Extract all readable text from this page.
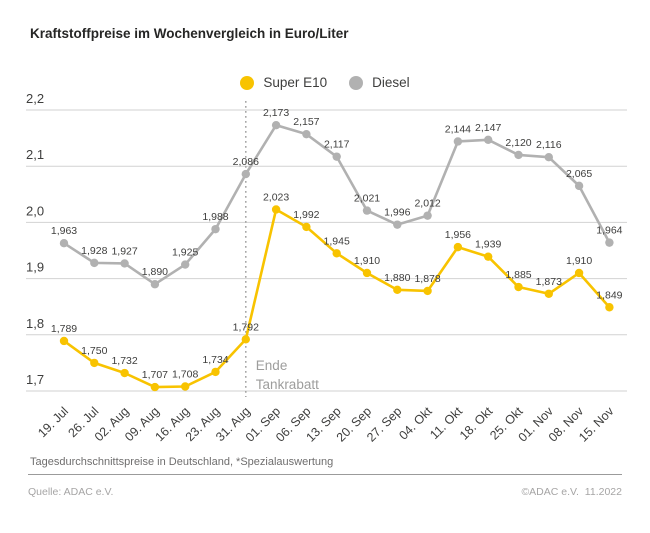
Kraftstoffpreise im Wochenvergleich in Euro/Liter
Super E10	Diesel
2,2
2,1
2,0
1,9
1,8
1,7
Ende
Tankrabatt
19. Jul
26. Jul
02. Aug
09. Aug
16. Aug
23. Aug
31. Aug
01. Sep
06. Sep
13. Sep
20. Sep
27. Sep
04. Okt
11. Okt
18. Okt
25. Okt
01. Nov
08. Nov
15. Nov
1,963
1,928 1,927
1,890
1,925
1,988
2,086
2,173
2,157
2,117
2,021
1,996
2,012
2,144 2,147
2,120 2,116
2,065
1,964
1,789
1,750
1,732
1,707 1,708
1,734
1,792
2,023
1,992
1,945
1,910
1,880 1,878
1,956
1,939
1,885
1,873
1,910
1,849
Tagesdurchschnittspreise in Deutschland, *Spezialauswertung
Quelle: ADAC e.V.	©ADAC e.V.  11.2022
